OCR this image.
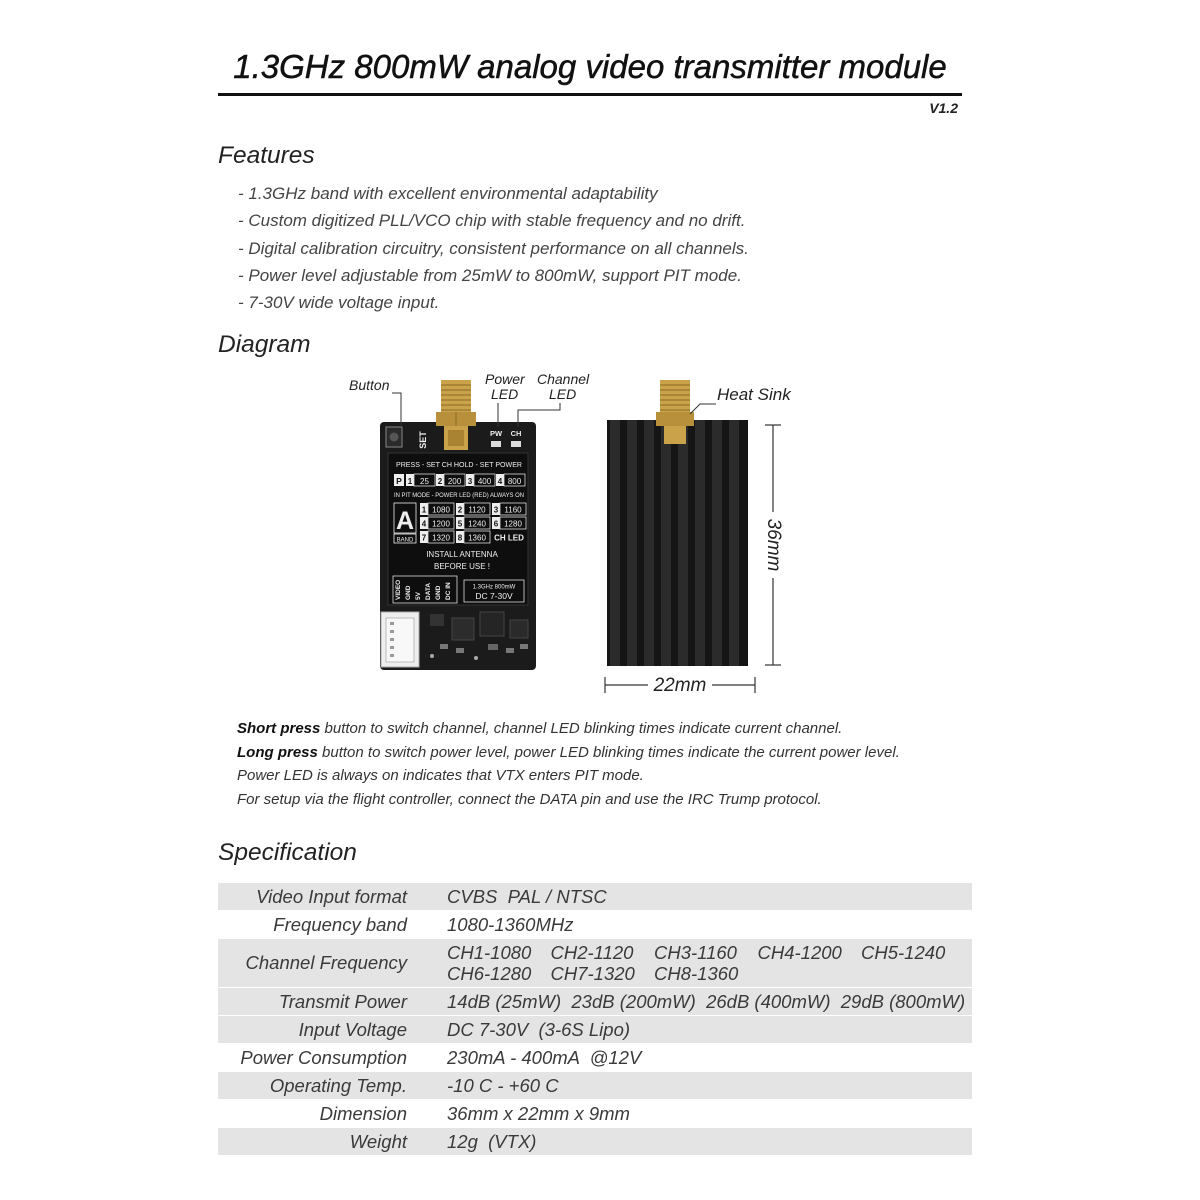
1.3GHz 800mW analog video transmitter module
V1.2
Features
- 1.3GHz band with excellent environmental adaptability
- Custom digitized PLL/VCO chip with stable frequency and no drift.
- Digital calibration circuitry, consistent performance on all channels.
- Power level adjustable from 25mW to 800mW, support PIT mode.
- 7-30V wide voltage input.
Diagram
SET	PW CH
PRESS - SET CH HOLD - SET POWER
P 1 25 2 200 3 400 4 800
IN PIT MODE - POWER LED (RED) ALWAYS ON
A
BAND
1 1080 2 1120 3 1160
4 1200 5 1240 6 1280
7 1320 8 1360 CH LED
INSTALL ANTENNA
BEFORE USE !
VIDEO GND 5V DATA GND DC IN	1.3GHz 800mW
DC 7-30V
Button	Power
LED
Channel
LED	Heat Sink
36mm
22mm
Short press button to switch channel, channel LED blinking times indicate current channel.
Long press button to switch power level, power LED blinking times indicate the current power level.
Power LED is always on indicates that VTX enters PIT mode.
For setup via the flight controller, connect the DATA pin and use the IRC Trump protocol.
Specification
Video Input format	CVBS  PAL / NTSC
Frequency band	1080-1360MHz
Channel Frequency

CH1-1080	CH2-1120	CH3-1160	CH4-1200	CH5-1240
CH6-1280	CH7-1320	CH8-1360

Transmit Power	14dB (25mW)  23dB (200mW)  26dB (400mW)  29dB (800mW)
Input Voltage	DC 7-30V  (3-6S Lipo)
Power Consumption	230mA - 400mA  @12V
Operating Temp.	-10 C - +60 C
Dimension	36mm x 22mm x 9mm
Weight	12g  (VTX)
